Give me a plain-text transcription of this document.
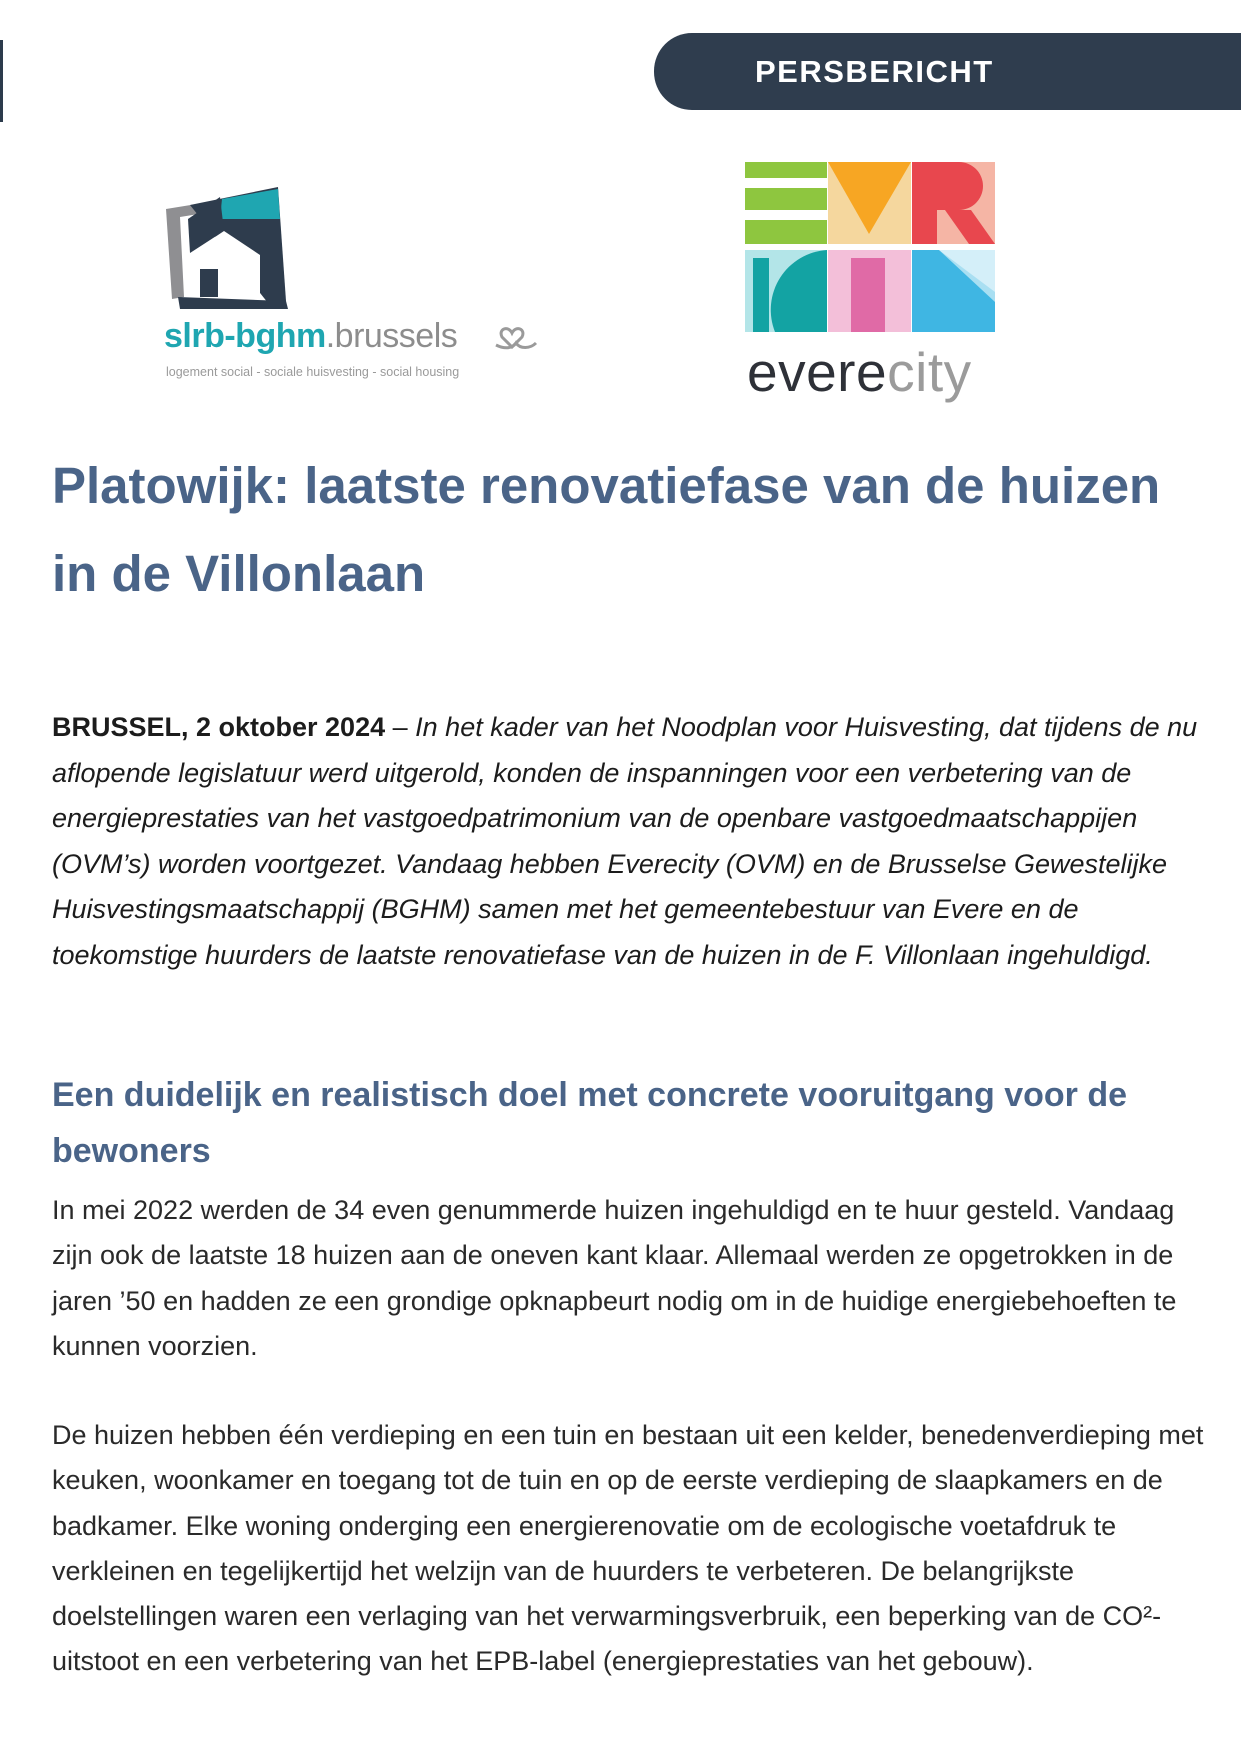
PERSBERICHT
slrb-bghm.brussels
logement social - sociale huisvesting - social housing	everecity
Platowijk: laatste renovatiefase van de huizen in de Villonlaan

BRUSSEL, 2 oktober 2024 – In het kader van het Noodplan voor Huisvesting, dat tijdens de nu aflopende legislatuur werd uitgerold, konden de inspanningen voor een verbetering van de energieprestaties van het vastgoedpatrimonium van de openbare vastgoedmaatschappijen (OVM’s) worden voortgezet. Vandaag hebben Everecity (OVM) en de Brusselse Gewestelijke Huisvestingsmaatschappij (BGHM) samen met het gemeentebestuur van Evere en de toekomstige huurders de laatste renovatiefase van de huizen in de F. Villonlaan ingehuldigd.

Een duidelijk en realistisch doel met concrete vooruitgang voor de bewoners

In mei 2022 werden de 34 even genummerde huizen ingehuldigd en te huur gesteld. Vandaag zijn ook de laatste 18 huizen aan de oneven kant klaar. Allemaal werden ze opgetrokken in de jaren ’50 en hadden ze een grondige opknapbeurt nodig om in de huidige energiebehoeften te kunnen voorzien.

De huizen hebben één verdieping en een tuin en bestaan uit een kelder, benedenverdieping met keuken, woonkamer en toegang tot de tuin en op de eerste verdieping de slaapkamers en de badkamer. Elke woning onderging een energierenovatie om de ecologische voetafdruk te verkleinen en tegelijkertijd het welzijn van de huurders te verbeteren. De belangrijkste doelstellingen waren een verlaging van het verwarmingsverbruik, een beperking van de CO²-uitstoot en een verbetering van het EPB-label (energieprestaties van het gebouw).
